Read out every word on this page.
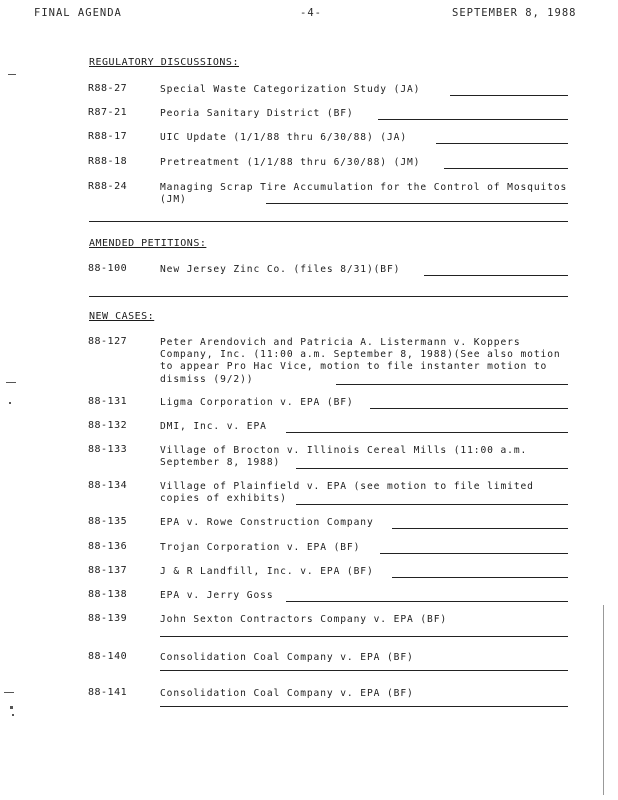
FINAL AGENDA	-4-	SEPTEMBER 8, 1988
REGULATORY DISCUSSIONS:
R88-27	Special Waste Categorization Study (JA)
R87-21	Peoria Sanitary District (BF)
R88-17	UIC Update (1/1/88 thru 6/30/88) (JA)
R88-18	Pretreatment (1/1/88 thru 6/30/88) (JM)
R88-24	Managing Scrap Tire Accumulation for the Control of Mosquitos (JM)
AMENDED PETITIONS:
88-100	New Jersey Zinc Co. (files 8/31)(BF)
NEW CASES:
88-127	Peter Arendovich and Patricia A. Listermann v. Koppers Company, Inc. (11:00 a.m. September 8, 1988)(See also motion to appear Pro Hac Vice, motion to file instanter motion to dismiss (9/2))
88-131	Ligma Corporation v. EPA (BF)
88-132	DMI, Inc. v. EPA
88-133	Village of Brocton v. Illinois Cereal Mills (11:00 a.m. September 8, 1988)
88-134	Village of Plainfield v. EPA (see motion to file limited copies of exhibits)
88-135	EPA v. Rowe Construction Company
88-136	Trojan Corporation v. EPA (BF)
88-137	J & R Landfill, Inc. v. EPA (BF)
88-138	EPA v. Jerry Goss
88-139	John Sexton Contractors Company v. EPA (BF)
88-140	Consolidation Coal Company v. EPA (BF)
88-141	Consolidation Coal Company v. EPA (BF)
